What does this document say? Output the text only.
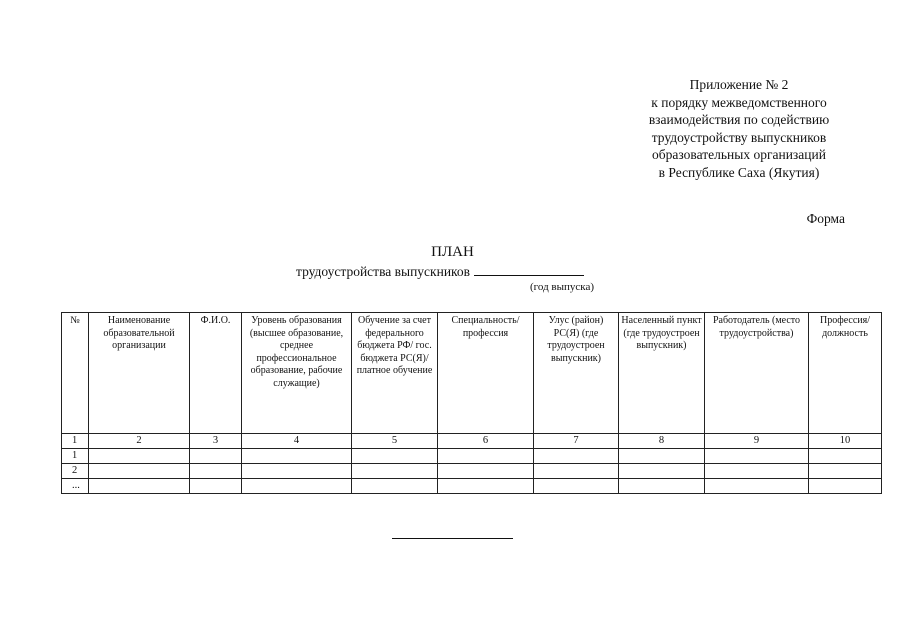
Приложение № 2
к порядку межведомственного
взаимодействия по содействию
трудоустройству выпускников
образовательных организаций
в Республике Саха (Якутия)
Форма
ПЛАН
трудоустройства выпускников
(год выпуска)
№	Наименование образовательной организации	Ф.И.О.	Уровень образования (высшее образование, среднее профессиональное образование, рабочие служащие)	Обучение за счет федерального бюджета РФ/ гос. бюджета РС(Я)/ платное обучение	Специальность/ профессия	Улус (район) РС(Я) (где трудоустроен выпускник)	Населенный пункт (где трудоустроен выпускник)	Работодатель (место трудоустройства)	Профессия/ должность
1	2	3	4	5	6	7	8	9	10
1									
2									
...									
